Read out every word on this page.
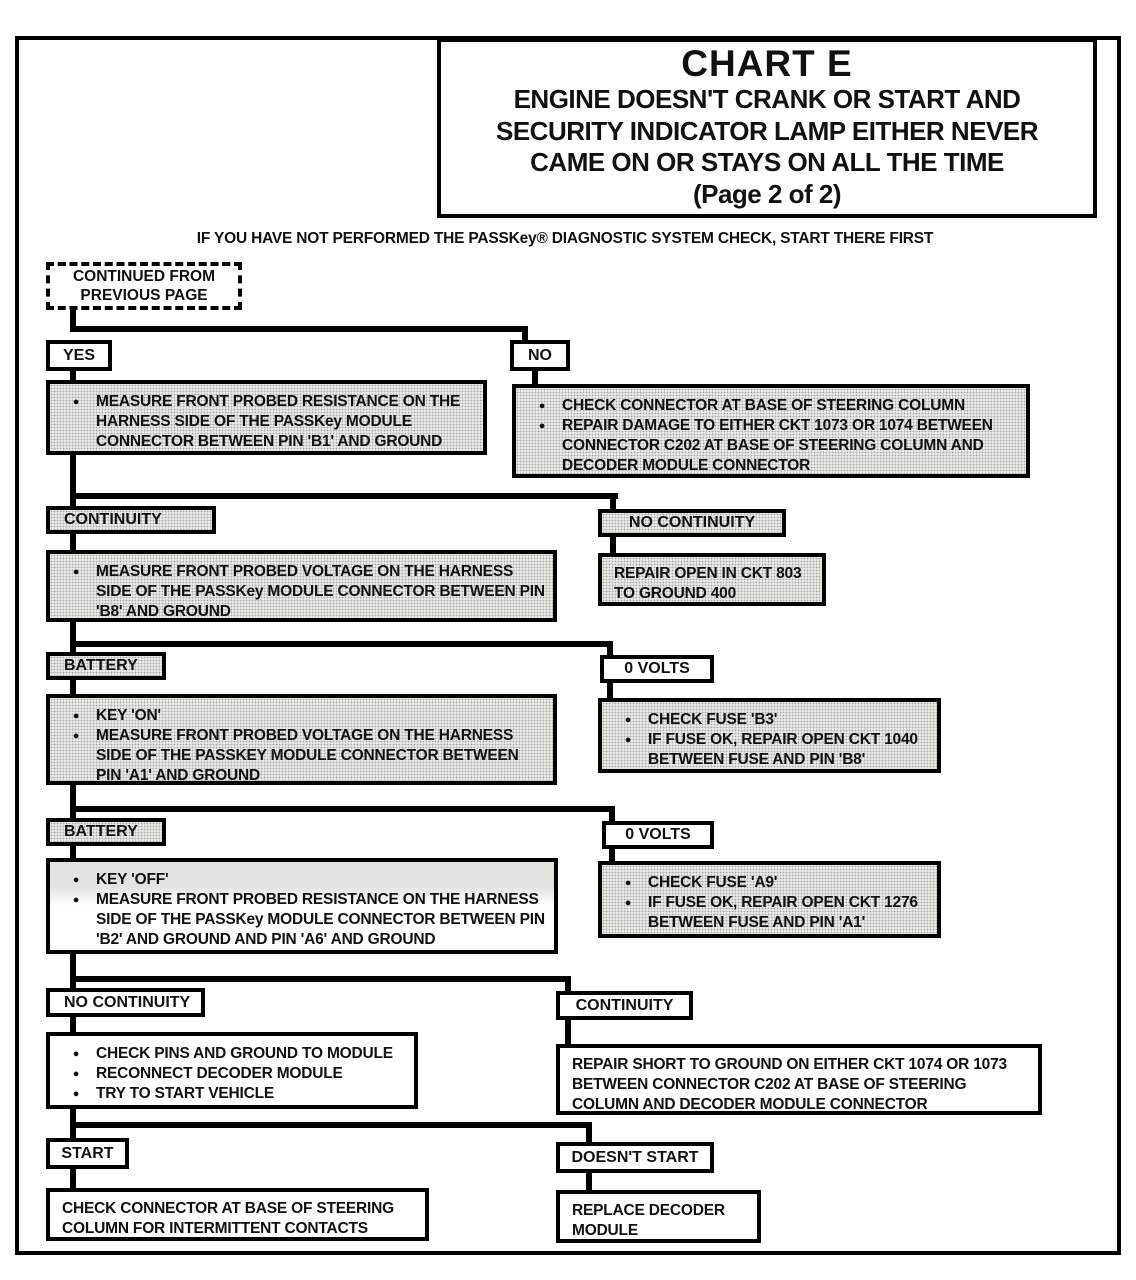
CHART E
ENGINE DOESN'T CRANK OR START AND
SECURITY INDICATOR LAMP EITHER NEVER
CAME ON OR STAYS ON ALL THE TIME
(Page 2 of 2)
IF YOU HAVE NOT PERFORMED THE PASSKey® DIAGNOSTIC SYSTEM CHECK, START THERE FIRST
CONTINUED FROM
PREVIOUS PAGE
YES	NO
●	MEASURE FRONT PROBED RESISTANCE ON THE HARNESS SIDE OF THE PASSKey MODULE CONNECTOR BETWEEN PIN 'B1' AND GROUND
●	CHECK CONNECTOR AT BASE OF STEERING COLUMN
●	REPAIR DAMAGE TO EITHER CKT 1073 OR 1074 BETWEEN CONNECTOR C202 AT BASE OF STEERING COLUMN AND DECODER MODULE CONNECTOR
CONTINUITY	NO CONTINUITY
●	MEASURE FRONT PROBED VOLTAGE ON THE HARNESS SIDE OF THE PASSKey MODULE CONNECTOR BETWEEN PIN 'B8' AND GROUND
REPAIR OPEN IN CKT 803 TO GROUND 400
BATTERY	0 VOLTS
●	KEY 'ON'
●	MEASURE FRONT PROBED VOLTAGE ON THE HARNESS SIDE OF THE PASSKEY MODULE CONNECTOR BETWEEN PIN 'A1' AND GROUND
●	CHECK FUSE 'B3'
●	IF FUSE OK, REPAIR OPEN CKT 1040 BETWEEN FUSE AND PIN 'B8'
BATTERY	0 VOLTS
●	KEY 'OFF'
●	MEASURE FRONT PROBED RESISTANCE ON THE HARNESS SIDE OF THE PASSKey MODULE CONNECTOR BETWEEN PIN 'B2' AND GROUND AND PIN 'A6' AND GROUND
●	CHECK FUSE 'A9'
●	IF FUSE OK, REPAIR OPEN CKT 1276 BETWEEN FUSE AND PIN 'A1'
NO CONTINUITY	CONTINUITY
●	CHECK PINS AND GROUND TO MODULE
●	RECONNECT DECODER MODULE
●	TRY TO START VEHICLE
REPAIR SHORT TO GROUND ON EITHER CKT 1074 OR 1073 BETWEEN CONNECTOR C202 AT BASE OF STEERING COLUMN AND DECODER MODULE CONNECTOR
START	DOESN'T START
CHECK CONNECTOR AT BASE OF STEERING COLUMN FOR INTERMITTENT CONTACTS
REPLACE DECODER MODULE
